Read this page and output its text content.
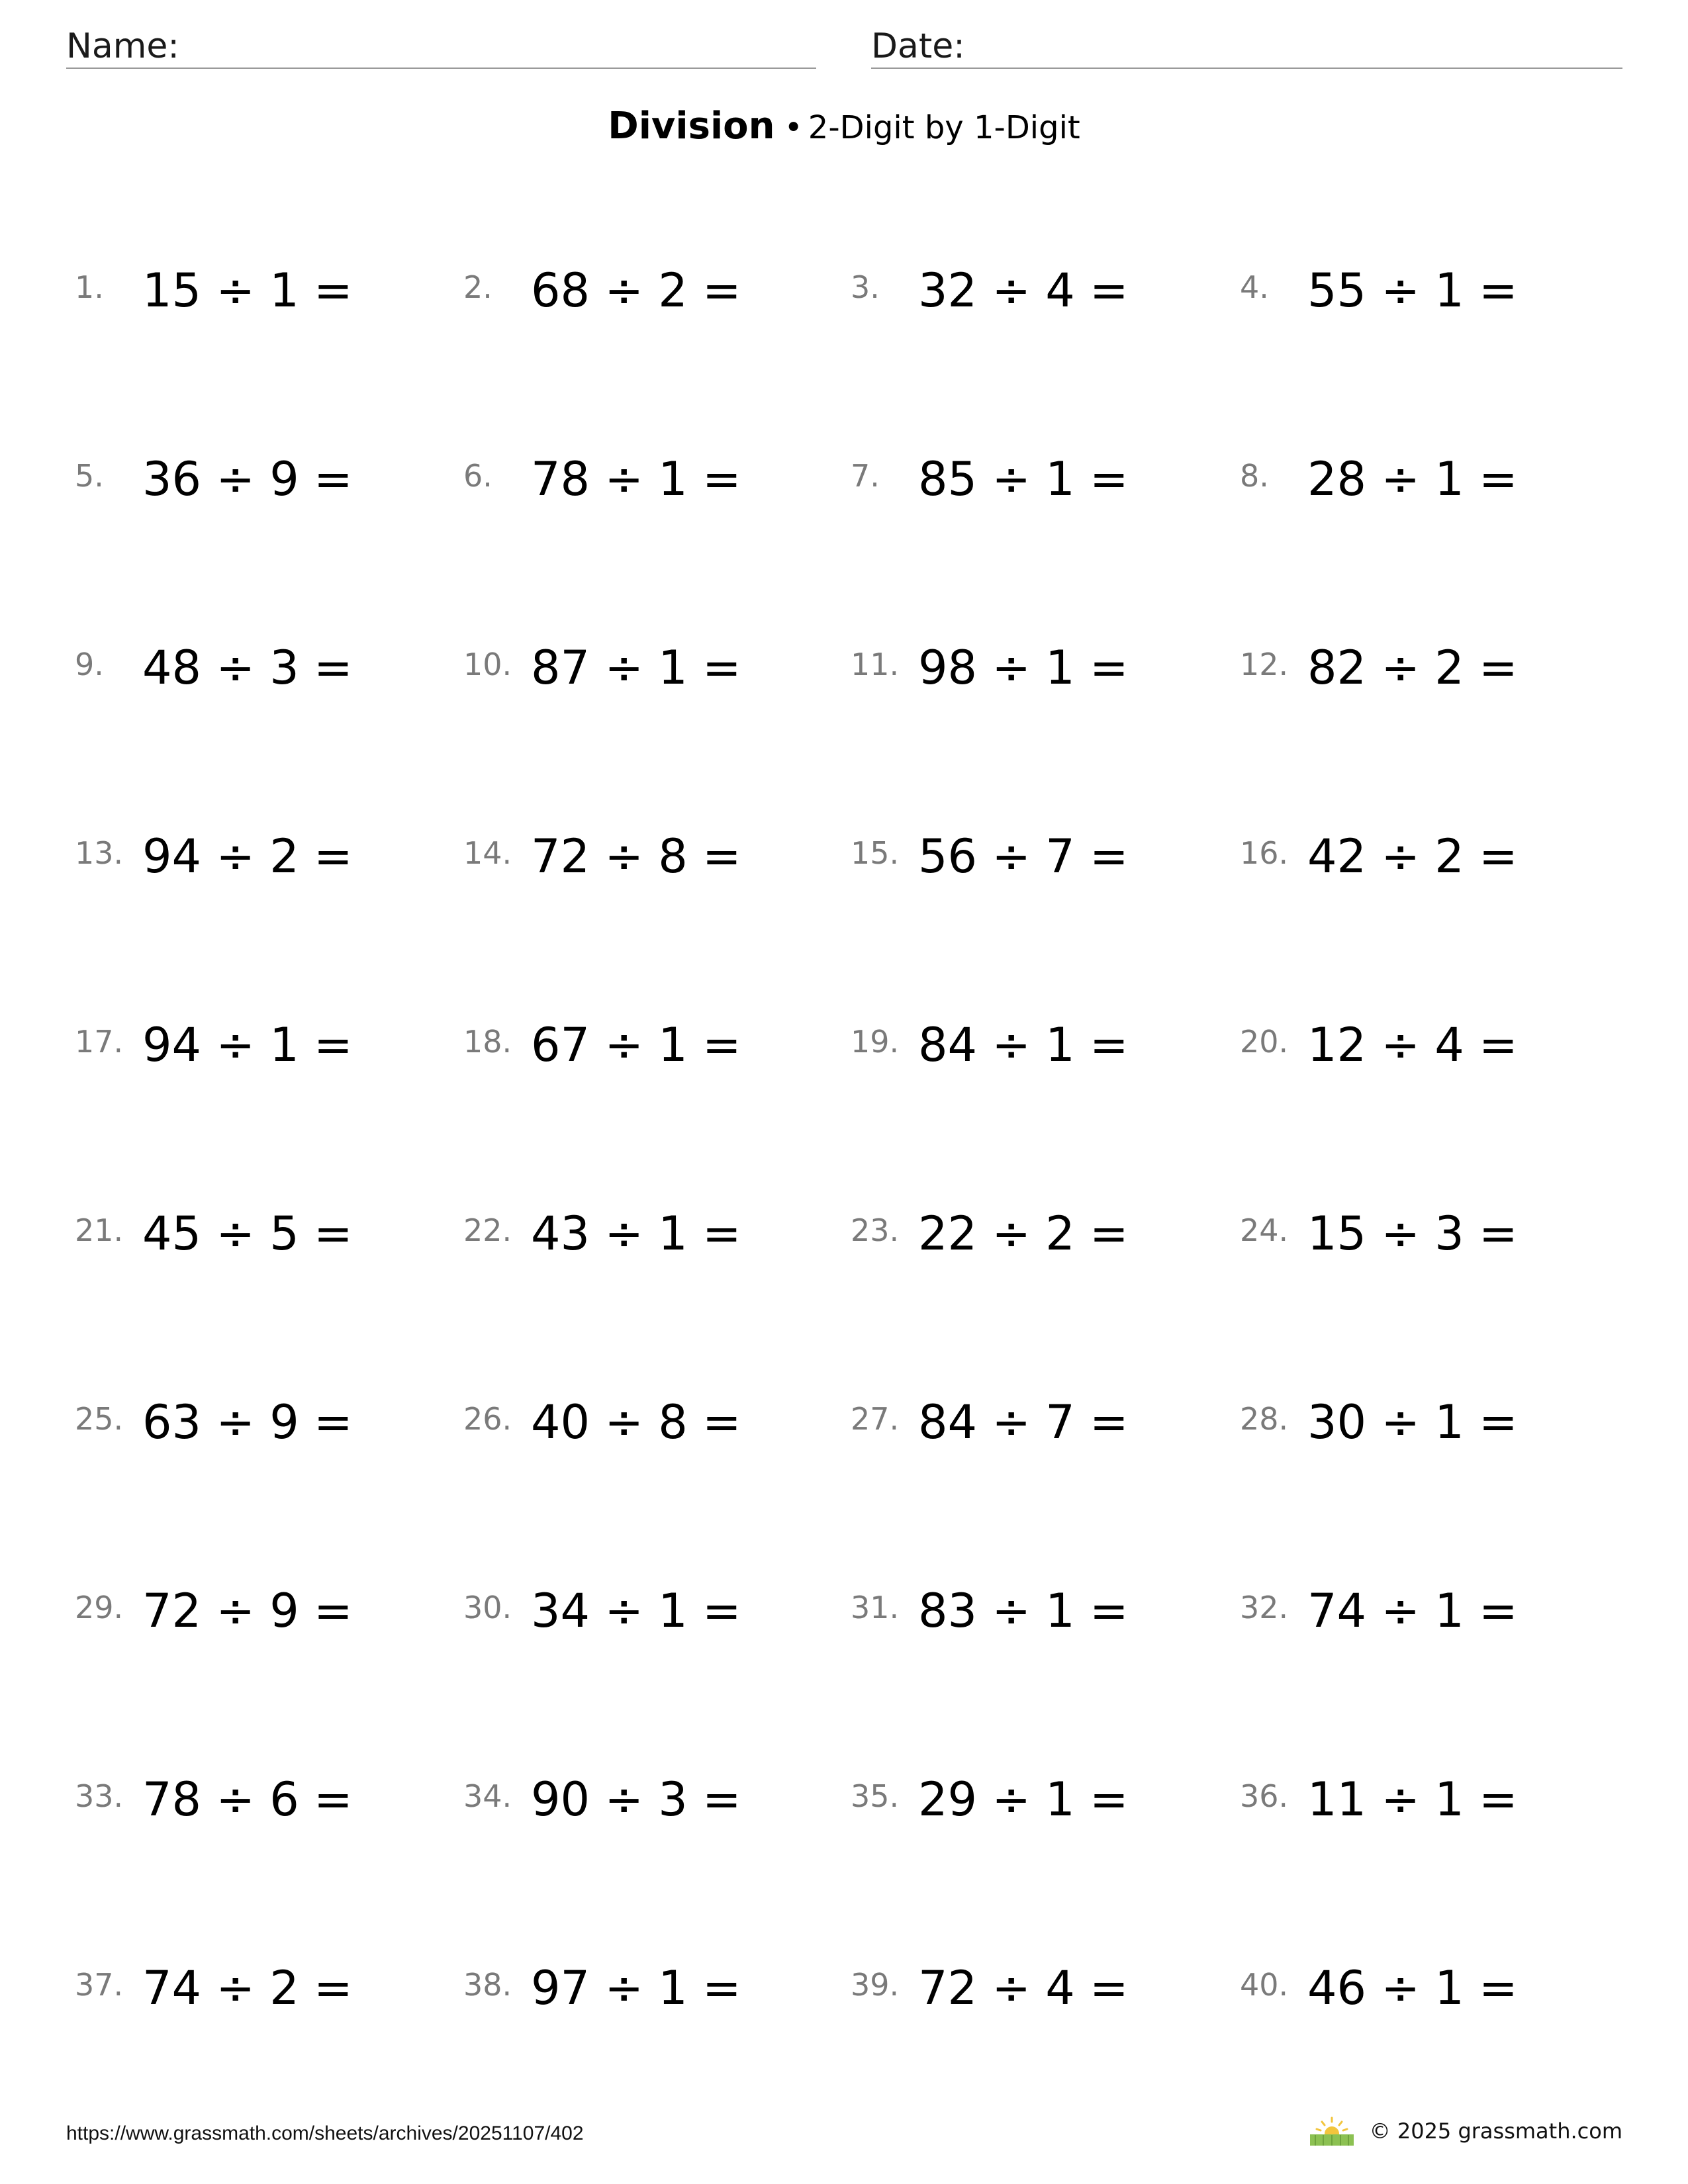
Name:	Date:
Division • 2-Digit by 1-Digit
1. 15 ÷ 1 =	2. 68 ÷ 2 =	3. 32 ÷ 4 =	4. 55 ÷ 1 =
5. 36 ÷ 9 =	6. 78 ÷ 1 =	7. 85 ÷ 1 =	8. 28 ÷ 1 =
9. 48 ÷ 3 =	10. 87 ÷ 1 =	11. 98 ÷ 1 =	12. 82 ÷ 2 =
13. 94 ÷ 2 =	14. 72 ÷ 8 =	15. 56 ÷ 7 =	16. 42 ÷ 2 =
17. 94 ÷ 1 =	18. 67 ÷ 1 =	19. 84 ÷ 1 =	20. 12 ÷ 4 =
21. 45 ÷ 5 =	22. 43 ÷ 1 =	23. 22 ÷ 2 =	24. 15 ÷ 3 =
25. 63 ÷ 9 =	26. 40 ÷ 8 =	27. 84 ÷ 7 =	28. 30 ÷ 1 =
29. 72 ÷ 9 =	30. 34 ÷ 1 =	31. 83 ÷ 1 =	32. 74 ÷ 1 =
33. 78 ÷ 6 =	34. 90 ÷ 3 =	35. 29 ÷ 1 =	36. 11 ÷ 1 =
37. 74 ÷ 2 =	38. 97 ÷ 1 =	39. 72 ÷ 4 =	40. 46 ÷ 1 =
https://www.grassmath.com/sheets/archives/20251107/402	© 2025 grassmath.com
